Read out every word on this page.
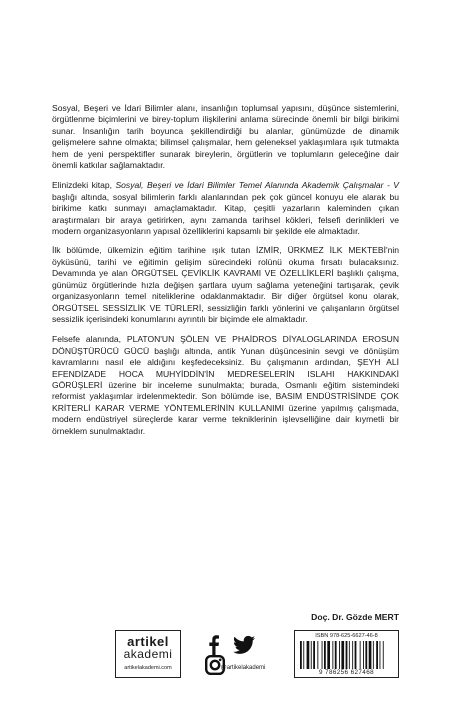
Sosyal, Beşeri ve İdari Bilimler alanı, insanlığın toplumsal yapısını, düşünce sistemlerini, örgütlenme biçimlerini ve birey-toplum ilişkilerini anlama sürecinde önemli bir bilgi birikimi sunar. İnsanlığın tarih boyunca şekillendirdiği bu alanlar, günümüzde de dinamik gelişmelere sahne olmakta; bilimsel çalışmalar, hem geleneksel yaklaşımlara ışık tutmakta hem de yeni perspektifler sunarak bireylerin, örgütlerin ve toplumların geleceğine dair önemli katkılar sağlamaktadır.

Elinizdeki kitap, Sosyal, Beşeri ve İdari Bilimler Temel Alanında Akademik Çalışmalar - V başlığı altında, sosyal bilimlerin farklı alanlarından pek çok güncel konuyu ele alarak bu birikime katkı sunmayı amaçlamaktadır. Kitap, çeşitli yazarların kaleminden çıkan araştırmaları bir araya getirirken, aynı zamanda tarihsel kökleri, felsefi derinlikleri ve modern organizasyonların yapısal özelliklerini kapsamlı bir şekilde ele almaktadır.

İlk bölümde, ülkemizin eğitim tarihine ışık tutan İZMİR, ÜRKMEZ İLK MEKTEBİ'nin öyküsünü, tarihi ve eğitimin gelişim sürecindeki rolünü okuma fırsatı bulacaksınız. Devamında ye alan ÖRGÜTSEL ÇEVİKLİK KAVRAMI VE ÖZELLİKLERİ başlıklı çalışma, günümüz örgütlerinde hızla değişen şartlara uyum sağlama yeteneğini tartışarak, çevik organizasyonların temel niteliklerine odaklanmaktadır. Bir diğer örgütsel konu olarak, ÖRGÜTSEL SESSİZLİK VE TÜRLERİ, sessizliğin farklı yönlerini ve çalışanların örgütsel sessizlik içerisindeki konumlarını ayrıntılı bir biçimde ele almaktadır.

Felsefe alanında, PLATON'UN ŞÖLEN VE PHAİDROS DİYALOGLARINDA EROSUN DÖNÜŞTÜRÜCÜ GÜCÜ başlığı altında, antik Yunan düşüncesinin sevgi ve dönüşüm kavramlarını nasıl ele aldığını keşfedeceksiniz. Bu çalışmanın ardından, ŞEYH ALİ EFENDİZADE HOCA MUHYİDDİN'İN MEDRESELERİN ISLAHI HAKKINDAKİ GÖRÜŞLERİ üzerine bir inceleme sunulmakta; burada, Osmanlı eğitim sistemindeki reformist yaklaşımlar irdelenmektedir. Son bölümde ise, BASIM ENDÜSTRİSİNDE ÇOK KRİTERLİ KARAR VERME YÖNTEMLERİNİN KULLANIMI üzerine yapılmış çalışmada, modern endüstriyel süreçlerde karar verme tekniklerinin işlevselliğine dair kıymetli bir örneklem sunulmaktadır.

Doç. Dr. Gözde MERT
artikel
akademi
artikelakademi.com
	@artikelakademi
ISBN 978-625-6627-46-8
9 786256 627468
